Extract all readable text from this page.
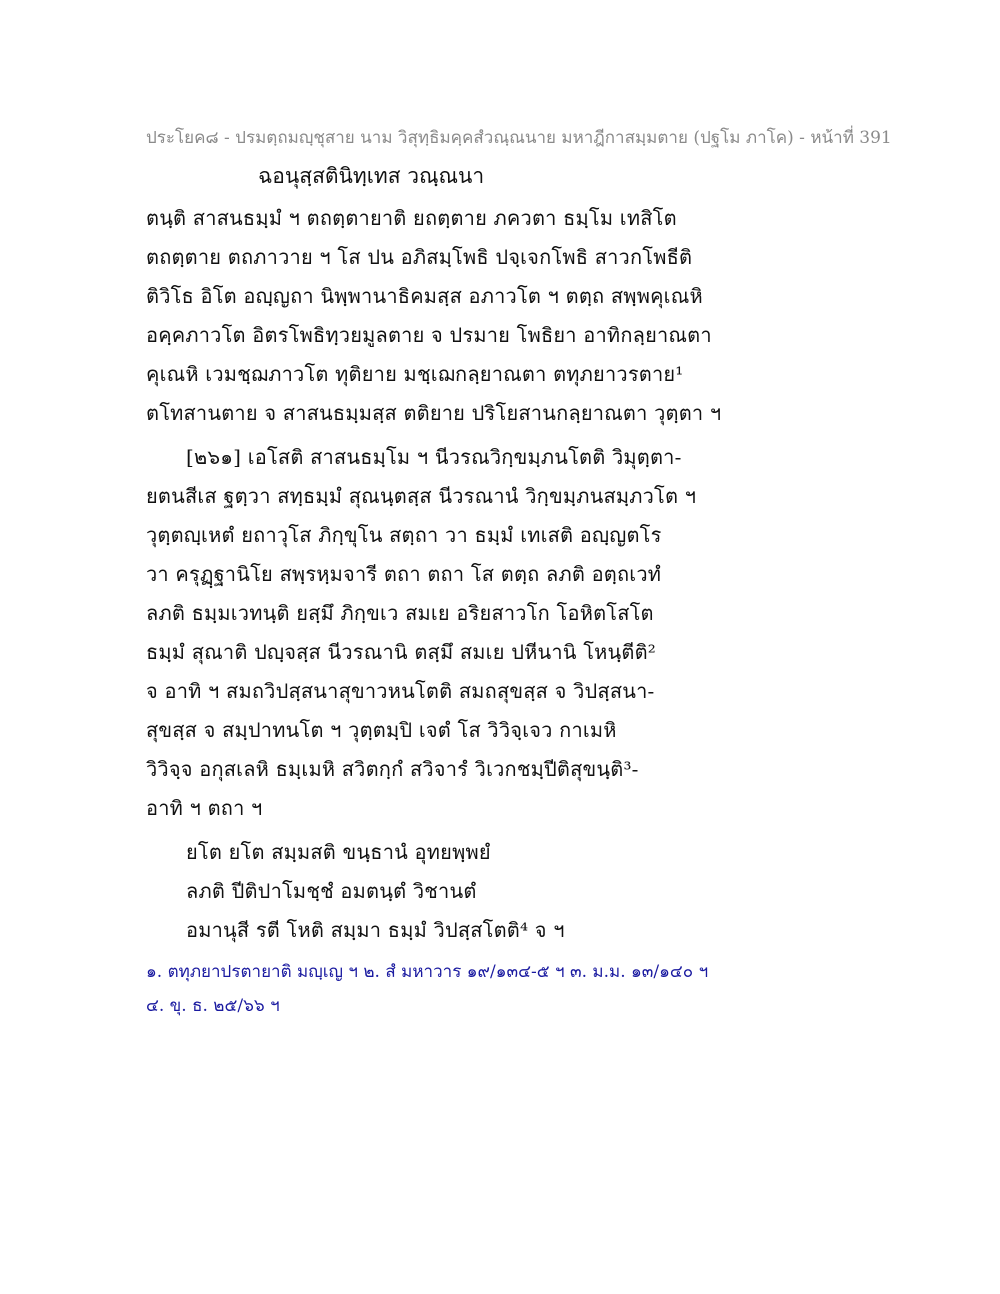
ประโยค๘ - ปรมตฺถมญฺชุสาย นาม วิสุทฺธิมคฺคสํวณฺณนาย มหาฎีกาสมฺมตาย (ปฐโม ภาโค) - หน้าที่ 391
ฉอนุสฺสตินิทฺเทส วณฺณนา
ตนฺติ สาสนธมฺมํ ฯ ตถตฺตายาติ ยถตฺตาย ภควตา ธมฺโม เทสิโต
ตถตฺตาย ตถภาวาย ฯ โส ปน อภิสมฺโพธิ ปจฺเจกโพธิ สาวกโพธีติ
ติวิโธ อิโต อญฺญถา นิพฺพานาธิคมสฺส อภาวโต ฯ ตตฺถ สพฺพคุเณหิ
อคฺคภาวโต อิตรโพธิทฺวยมูลตาย จ ปรมาย โพธิยา อาทิกลฺยาณตา
คุเณหิ เวมชฺฌภาวโต ทุติยาย มชฺเฌกลฺยาณตา ตทุภยาวรตาย¹
ตโทสานตาย จ สาสนธมฺมสฺส ตติยาย ปริโยสานกลฺยาณตา วุตฺตา ฯ
[๒๖๑] เอโสติ สาสนธมฺโม ฯ นีวรณวิกฺขมฺภนโตติ วิมุตฺตา-
ยตนสีเส ฐตฺวา สทฺธมฺมํ สุณนฺตสฺส นีวรณานํ วิกฺขมฺภนสมฺภวโต ฯ
วุตฺตญฺเหตํ ยถาวุโส ภิกฺขุโน สตฺถา วา ธมฺมํ เทเสติ อญฺญตโร
วา ครุฏฺฐานิโย สพฺรหฺมจารี ตถา ตถา โส ตตฺถ ลภติ อตฺถเวทํ
ลภติ ธมฺมเวทนฺติ ยสฺมึ ภิกฺขเว สมเย อริยสาวโก โอหิตโสโต
ธมฺมํ สุณาติ ปญฺจสฺส นีวรณานิ ตสฺมึ สมเย ปหีนานิ โหนฺตีติ²
จ อาทิ ฯ สมถวิปสฺสนาสุขาวหนโตติ สมถสุขสฺส จ วิปสฺสนา-
สุขสฺส จ สมฺปาทนโต ฯ วุตฺตมฺปิ เจตํ โส วิวิจฺเจว กาเมหิ
วิวิจฺจ อกุสเลหิ ธมฺเมหิ สวิตกฺกํ สวิจารํ วิเวกชมฺปีติสุขนฺติ³-
อาทิ ฯ ตถา ฯ
ยโต ยโต สมฺมสติ ขนฺธานํ อุทยพฺพยํ
ลภติ ปีติปาโมชฺชํ อมตนฺตํ วิชานตํ
อมานุสี รตี โหติ สมฺมา ธมฺมํ วิปสฺสโตติ⁴ จ ฯ
๑. ตทุภยาปรตายาติ มญฺเญ ฯ ๒. สํ มหาวาร ๑๙/๑๓๔-๕ ฯ ๓. ม.ม. ๑๓/๑๔๐ ฯ
๔. ขุ. ธ. ๒๕/๖๖ ฯ
